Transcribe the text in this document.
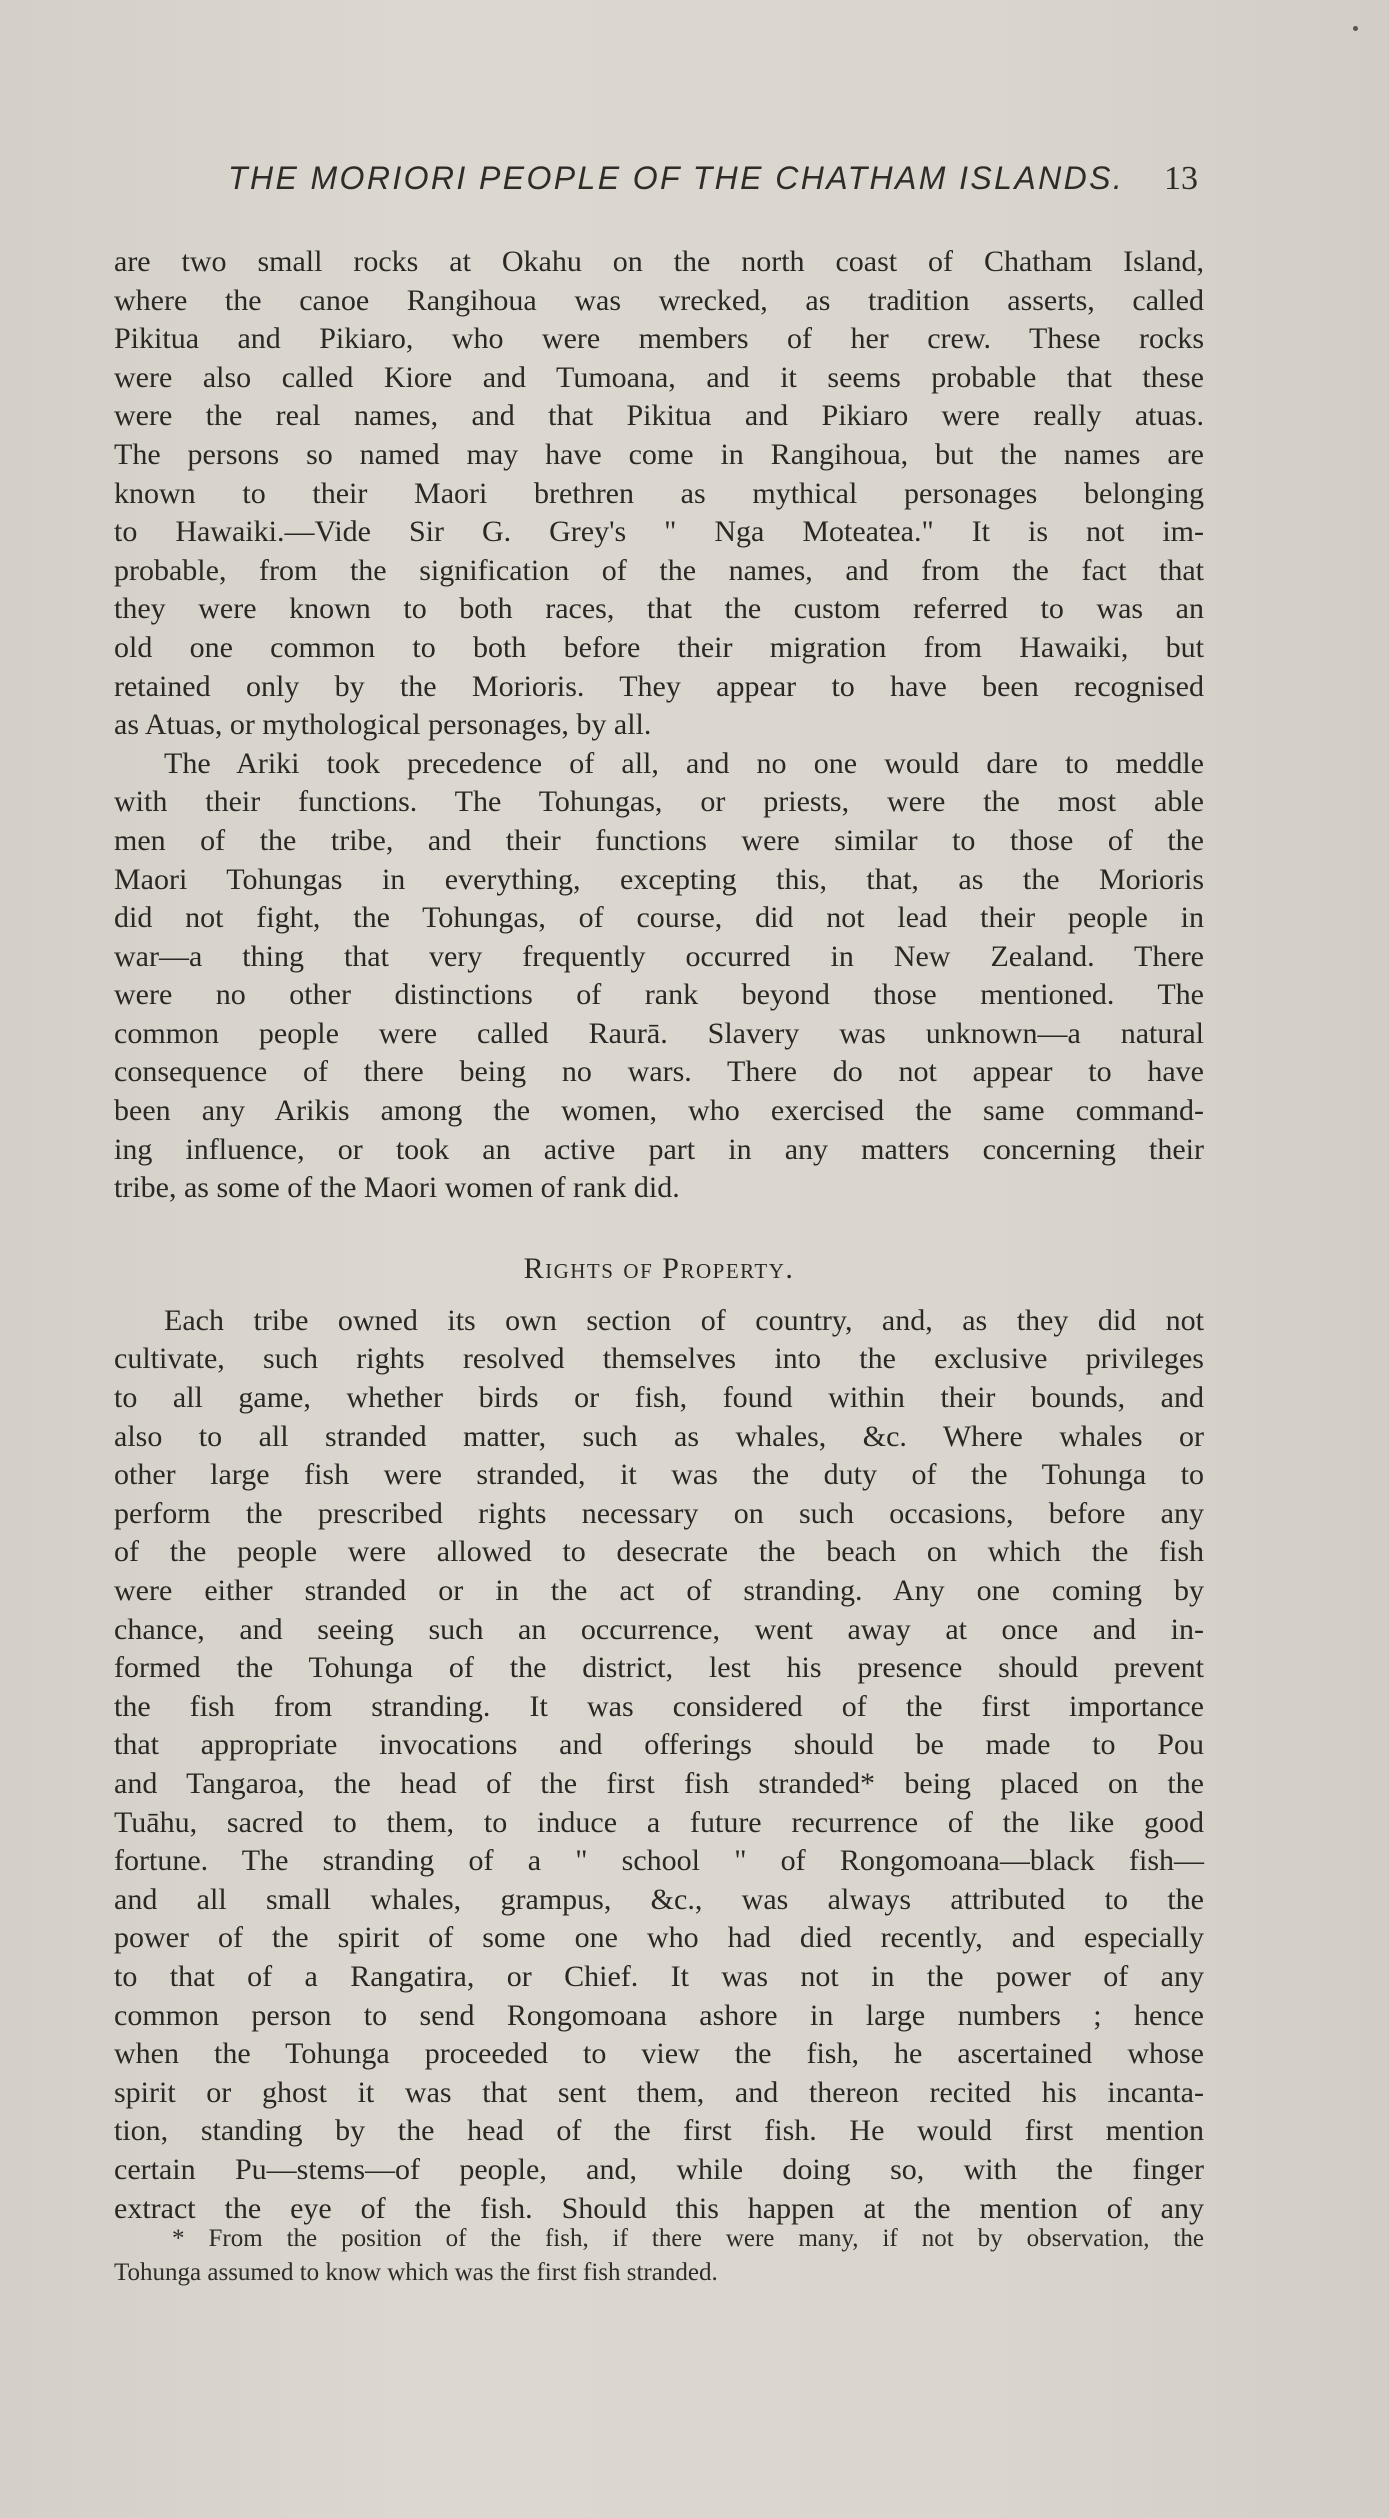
THE MORIORI PEOPLE OF THE CHATHAM ISLANDS. 13
are two small rocks at Okahu on the north coast of Chatham Island,
where the canoe Rangihoua was wrecked, as tradition asserts, called
Pikitua and Pikiaro, who were members of her crew. These rocks
were also called Kiore and Tumoana, and it seems probable that these
were the real names, and that Pikitua and Pikiaro were really atuas.
The persons so named may have come in Rangihoua, but the names are
known to their Maori brethren as mythical personages belonging
to Hawaiki.—Vide Sir G. Grey's " Nga Moteatea." It is not im-
probable, from the signification of the names, and from the fact that
they were known to both races, that the custom referred to was an
old one common to both before their migration from Hawaiki, but
retained only by the Morioris. They appear to have been recognised
as Atuas, or mythological personages, by all.
The Ariki took precedence of all, and no one would dare to meddle
with their functions. The Tohungas, or priests, were the most able
men of the tribe, and their functions were similar to those of the
Maori Tohungas in everything, excepting this, that, as the Morioris
did not fight, the Tohungas, of course, did not lead their people in
war—a thing that very frequently occurred in New Zealand. There
were no other distinctions of rank beyond those mentioned. The
common people were called Raurā. Slavery was unknown—a natural
consequence of there being no wars. There do not appear to have
been any Arikis among the women, who exercised the same command-
ing influence, or took an active part in any matters concerning their
tribe, as some of the Maori women of rank did.
Rights of Property.
Each tribe owned its own section of country, and, as they did not
cultivate, such rights resolved themselves into the exclusive privileges
to all game, whether birds or fish, found within their bounds, and
also to all stranded matter, such as whales, &c. Where whales or
other large fish were stranded, it was the duty of the Tohunga to
perform the prescribed rights necessary on such occasions, before any
of the people were allowed to desecrate the beach on which the fish
were either stranded or in the act of stranding. Any one coming by
chance, and seeing such an occurrence, went away at once and in-
formed the Tohunga of the district, lest his presence should prevent
the fish from stranding. It was considered of the first importance
that appropriate invocations and offerings should be made to Pou
and Tangaroa, the head of the first fish stranded* being placed on the
Tuāhu, sacred to them, to induce a future recurrence of the like good
fortune. The stranding of a " school " of Rongomoana—black fish—
and all small whales, grampus, &c., was always attributed to the
power of the spirit of some one who had died recently, and especially
to that of a Rangatira, or Chief. It was not in the power of any
common person to send Rongomoana ashore in large numbers ; hence
when the Tohunga proceeded to view the fish, he ascertained whose
spirit or ghost it was that sent them, and thereon recited his incanta-
tion, standing by the head of the first fish. He would first mention
certain Pu—stems—of people, and, while doing so, with the finger
extract the eye of the fish. Should this happen at the mention of any
* From the position of the fish, if there were many, if not by observation, the
Tohunga assumed to know which was the first fish stranded.
